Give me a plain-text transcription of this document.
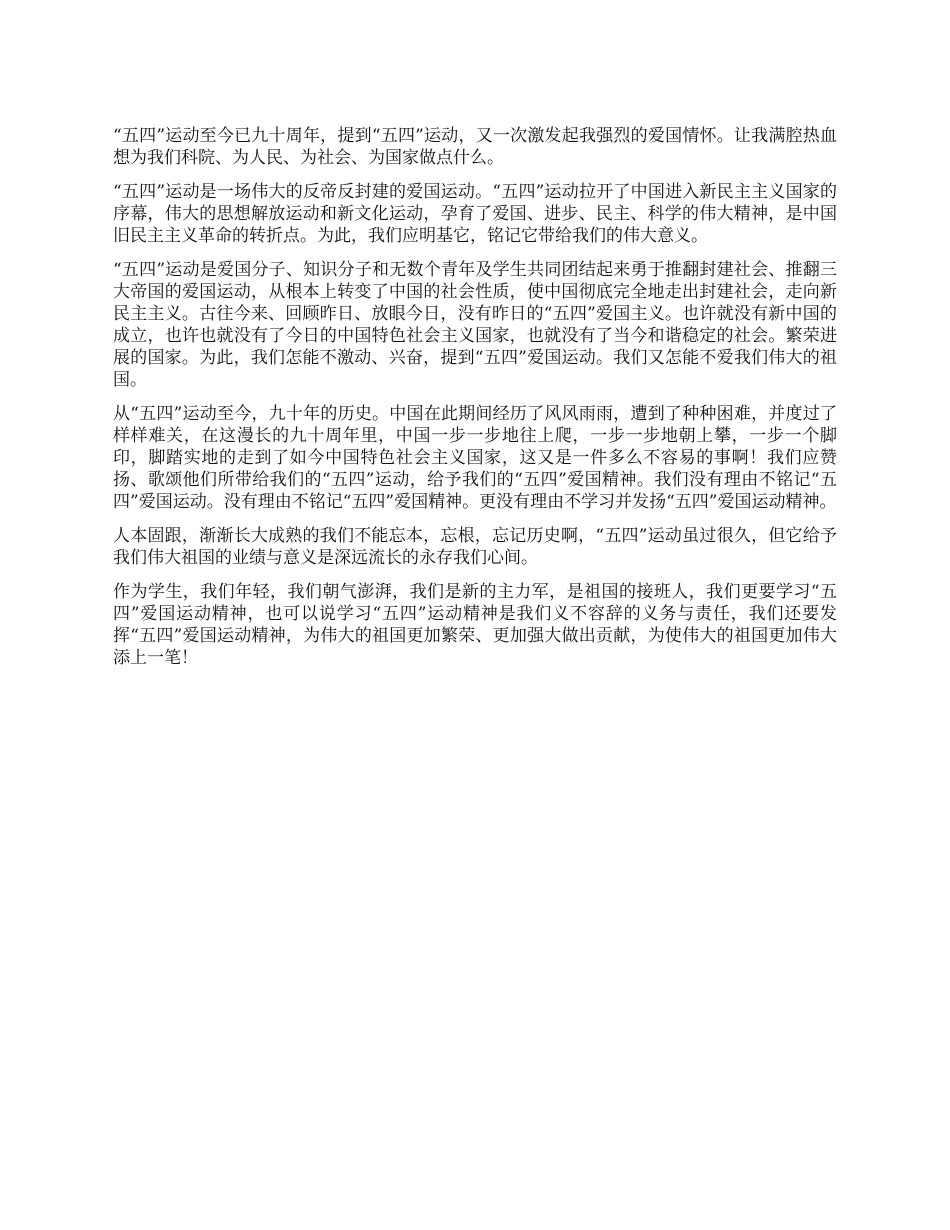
“五四”运动至今已九十周年，提到“五四”运动，又一次激发起我强烈的爱国情怀。让我满腔热血想为我们科院、为人民、为社会、为国家做点什么。

“五四”运动是一场伟大的反帝反封建的爱国运动。“五四”运动拉开了中国进入新民主主义国家的序幕，伟大的思想解放运动和新文化运动，孕育了爱国、进步、民主、科学的伟大精神，是中国旧民主主义革命的转折点。为此，我们应明基它，铭记它带给我们的伟大意义。

“五四”运动是爱国分子、知识分子和无数个青年及学生共同团结起来勇于推翻封建社会、推翻三大帝国的爱国运动，从根本上转变了中国的社会性质，使中国彻底完全地走出封建社会，走向新民主主义。古往今来、回顾昨日、放眼今日，没有昨日的“五四”爱国主义。也许就没有新中国的成立，也许也就没有了今日的中国特色社会主义国家，也就没有了当今和谐稳定的社会。繁荣进展的国家。为此，我们怎能不激动、兴奋，提到“五四”爱国运动。我们又怎能不爱我们伟大的祖国。

从“五四”运动至今，九十年的历史。中国在此期间经历了风风雨雨，遭到了种种困难，并度过了样样难关，在这漫长的九十周年里，中国一步一步地往上爬，一步一步地朝上攀，一步一个脚印，脚踏实地的走到了如今中国特色社会主义国家，这又是一件多么不容易的事啊！我们应赞扬、歌颂他们所带给我们的“五四”运动，给予我们的“五四”爱国精神。我们没有理由不铭记“五四”爱国运动。没有理由不铭记“五四”爱国精神。更没有理由不学习并发扬“五四”爱国运动精神。

人本固跟，渐渐长大成熟的我们不能忘本，忘根，忘记历史啊，“五四”运动虽过很久，但它给予我们伟大祖国的业绩与意义是深远流长的永存我们心间。

作为学生，我们年轻，我们朝气澎湃，我们是新的主力军，是祖国的接班人，我们更要学习“五四”爱国运动精神，也可以说学习“五四”运动精神是我们义不容辞的义务与责任，我们还要发挥“五四”爱国运动精神，为伟大的祖国更加繁荣、更加强大做出贡献，为使伟大的祖国更加伟大添上一笔！
